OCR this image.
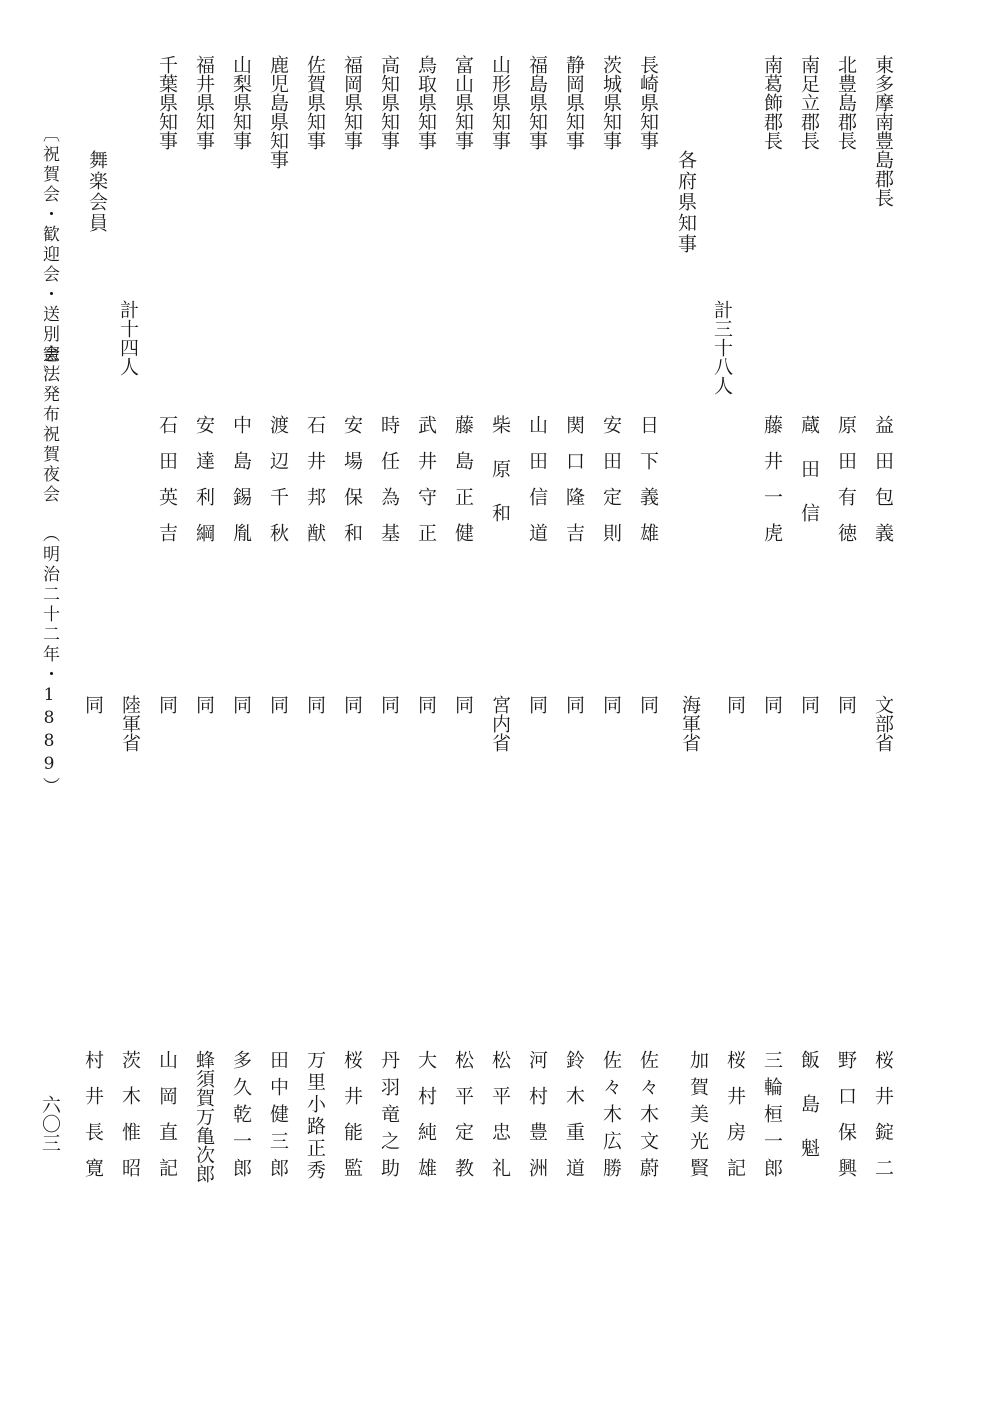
東多摩南豊島郡長
北豊島郡長
南足立郡長
南葛飾郡長
各府県知事
計三十八人
長崎県知事
茨城県知事
静岡県知事
福島県知事
山形県知事
富山県知事
鳥取県知事
高知県知事
福岡県知事
佐賀県知事
鹿児島県知事
山梨県知事
福井県知事
千葉県知事
舞楽会員
計十四人
〔祝賀会・歓迎会・送別会〕
憲法発布祝賀夜会
（明治二十二年・1889）
益田包義
原田有徳
蔵　田　信
藤井一虎
日下義雄
安田定則
関口隆吉
山田信道
柴　原　和
藤島正健
武井守正
時任為基
安場保和
石井邦猷
渡辺千秋
中島錫胤
安達利綱
石田英吉
文部省
同
同
同
同
海軍省
同
同
同
同
宮内省
同
同
同
同
同
同
同
同
同
陸軍省
同
桜井錠二
野口保興
飯　島　魁
三輪桓一郎
桜井房記
加賀美光賢
佐々木文蔚
佐々木広勝
鈴木重道
河村豊洲
松平忠礼
松平定教
大村純雄
丹羽竜之助
桜井能監
万里小路正秀
田中健三郎
多久乾一郎
蜂須賀万亀次郎
山岡直記
茨木惟昭
村井長寛
六〇三
